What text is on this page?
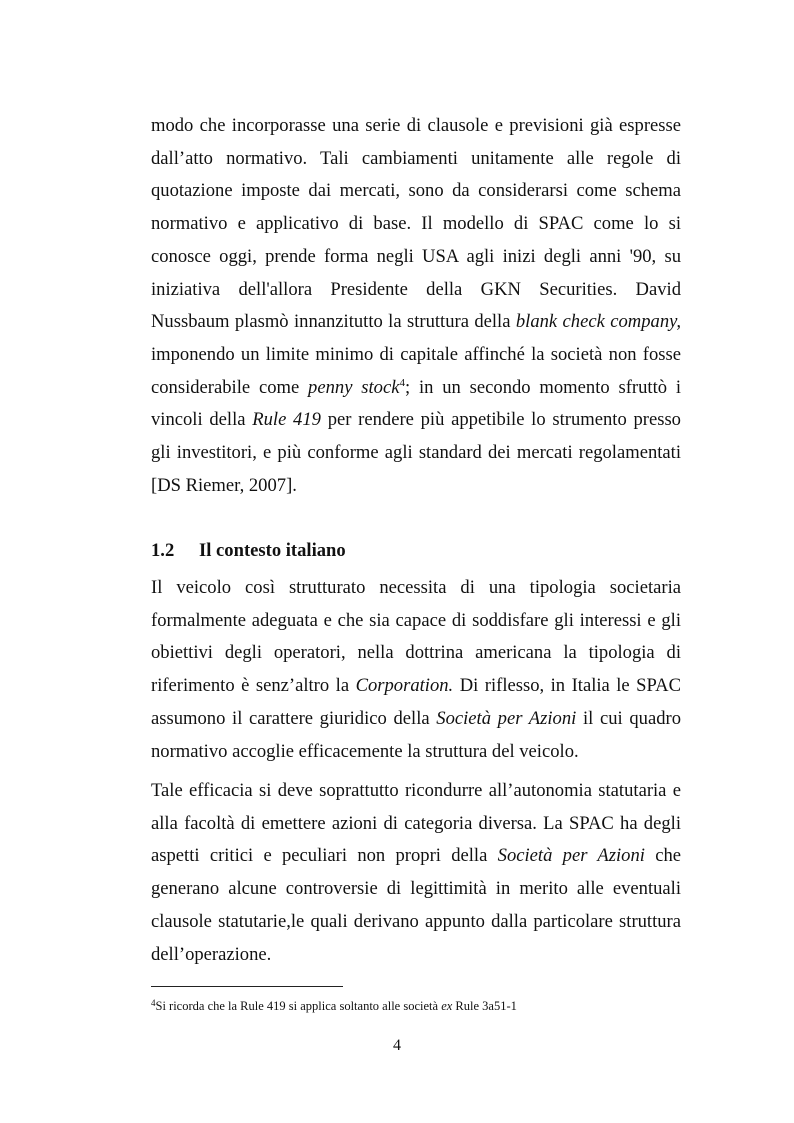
modo che incorporasse una serie di clausole e previsioni già espresse
dall’atto normativo. Tali cambiamenti unitamente alle regole di
quotazione imposte dai mercati, sono da considerarsi come schema
normativo e applicativo di base. Il modello di SPAC come lo si
conosce oggi, prende forma negli USA agli inizi degli anni '90, su
iniziativa dell'allora Presidente della GKN Securities. David
Nussbaum plasmò innanzitutto la struttura della blank check company,
imponendo un limite minimo di capitale affinché la società non fosse
considerabile come penny stock$^4$; in un secondo momento sfruttò i
vincoli della Rule 419 per rendere più appetibile lo strumento presso
gli investitori, e più conforme agli standard dei mercati regolamentati
[DS Riemer, 2007].
1.2 Il contesto italiano
Il veicolo così strutturato necessita di una tipologia societaria
formalmente adeguata e che sia capace di soddisfare gli interessi e gli
obiettivi degli operatori, nella dottrina americana la tipologia di
riferimento è senz’altro la Corporation. Di riflesso, in Italia le SPAC
assumono il carattere giuridico della Società per Azioni il cui quadro
normativo accoglie efficacemente la struttura del veicolo.
Tale efficacia si deve soprattutto ricondurre all’autonomia statutaria e
alla facoltà di emettere azioni di categoria diversa. La SPAC ha degli
aspetti critici e peculiari non propri della Società per Azioni che
generano alcune controversie di legittimità in merito alle eventuali
clausole statutarie,le quali derivano appunto dalla particolare struttura
dell’operazione.
$^4$Si ricorda che la Rule 419 si applica soltanto alle società ex Rule 3a51-1
4
